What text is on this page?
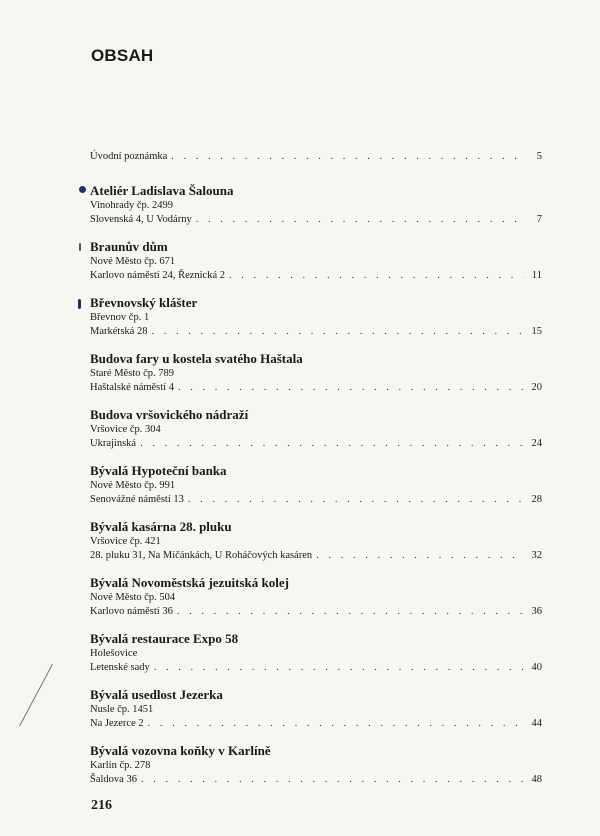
OBSAH
Úvodní poznámka . . .	5
Ateliér Ladislava Šalouna
Vinohrady čp. 2499
Slovenská 4, U Vodárny . . .	7
Braunův dům
Nové Město čp. 671
Karlovo náměstí 24, Řeznická 2 . . .	11
Břevnovský klášter
Břevnov čp. 1
Markétská 28 . . .	15
Budova fary u kostela svatého Haštala
Staré Město čp. 789
Haštalské náměstí 4 . . .	20
Budova vršovického nádraží
Vršovice čp. 304
Ukrajinská . . .	24
Bývalá Hypoteční banka
Nové Město čp. 991
Senovážné náměstí 13 . . .	28
Bývalá kasárna 28. pluku
Vršovice čp. 421
28. pluku 31, Na Míčánkách, U Roháčových kasáren . . .	32
Bývalá Novoměstská jezuitská kolej
Nové Město čp. 504
Karlovo náměstí 36 . . .	36
Bývalá restaurace Expo 58
Holešovice
Letenské sady . . .	40
Bývalá usedlost Jezerka
Nusle čp. 1451
Na Jezerce 2 . . .	44
Bývalá vozovna koňky v Karlíně
Karlín čp. 278
Šaldova 36 . . .	48
216
